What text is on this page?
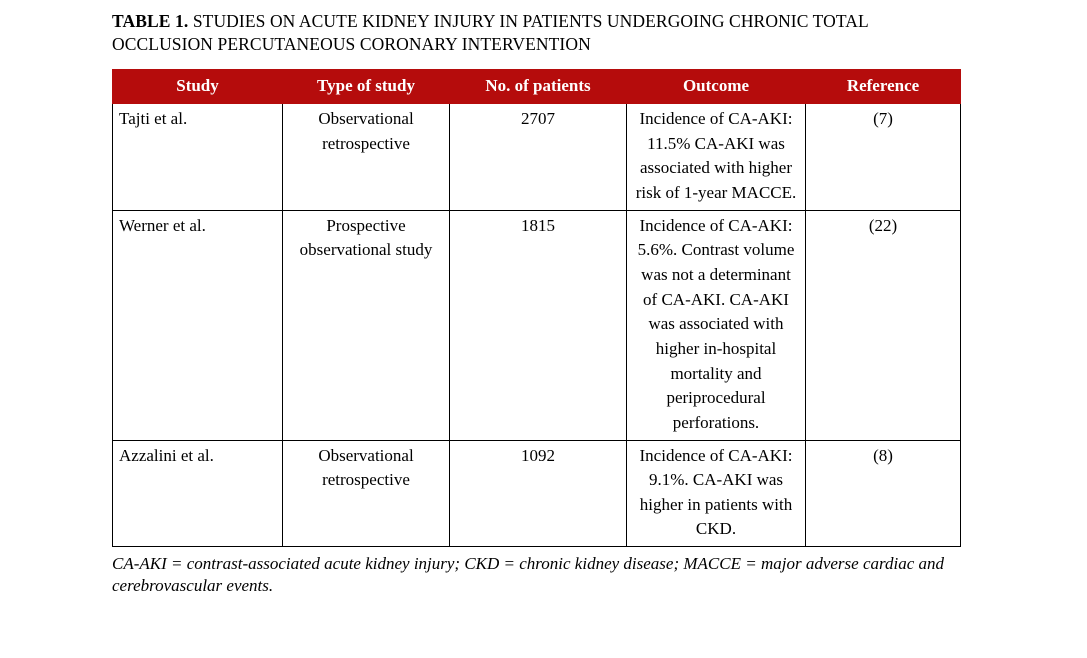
TABLE 1. STUDIES ON ACUTE KIDNEY INJURY IN PATIENTS UNDERGOING CHRONIC TOTAL OCCLUSION PERCUTANEOUS CORONARY INTERVENTION
Study	Type of study	No. of patients	Outcome	Reference
Tajti et al.	Observational retrospective	2707	Incidence of CA-AKI: 11.5% CA-AKI was associated with higher risk of 1-year MACCE.	(7)
Werner et al.	Prospective observational study	1815	Incidence of CA-AKI: 5.6%. Contrast volume was not a determinant of CA-AKI. CA-AKI was associated with higher in-hospital mortality and periprocedural perforations.	(22)
Azzalini et al.	Observational retrospective	1092	Incidence of CA-AKI: 9.1%. CA-AKI was higher in patients with CKD.	(8)
CA-AKI = contrast-associated acute kidney injury; CKD = chronic kidney disease; MACCE = major adverse cardiac and cerebrovascular events.
